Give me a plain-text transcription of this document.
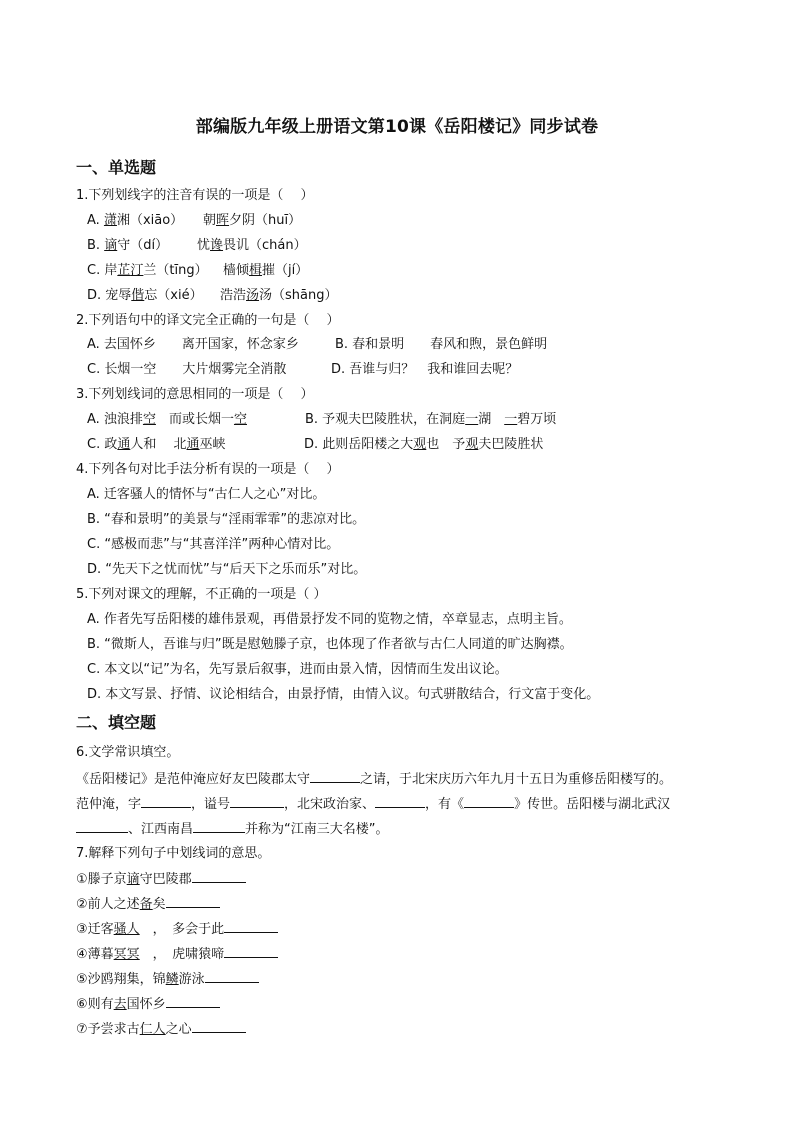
部编版九年级上册语文第10课《岳阳楼记》同步试卷
一、单选题
1.下列划线字的注音有误的一项是（　 ）
A. 潇湘（xiāo） 朝晖夕阴（huī）
B. 谪守（dí） 忧谗畏讥（chán）
C. 岸芷汀兰（tīng） 樯倾楫摧（jí）
D. 宠辱偕忘（xié） 浩浩汤汤（shāng）
2.下列语句中的译文完全正确的一句是（　 ）
A. 去国怀乡　　离开国家，怀念家乡	B. 春和景明　　春风和煦，景色鲜明
C. 长烟一空　　大片烟雾完全消散	D. 吾谁与归？　我和谁回去呢？
3.下列划线词的意思相同的一项是（　 ）
A. 浊浪排空　而或长烟一空	B. 予观夫巴陵胜状，在洞庭一湖　一碧万顷
C. 政通人和　 北通巫峡	D. 此则岳阳楼之大观也　予观夫巴陵胜状
4.下列各句对比手法分析有误的一项是（　 ）
A. 迁客骚人的情怀与“古仁人之心”对比。
B. “春和景明”的美景与“淫雨霏霏”的悲凉对比。
C. “感极而悲”与“其喜洋洋”两种心情对比。
D. “先天下之忧而忧”与“后天下之乐而乐”对比。
5.下列对课文的理解，不正确的一项是（ ）
A. 作者先写岳阳楼的雄伟景观，再借景抒发不同的览物之情，卒章显志，点明主旨。
B. “微斯人，吾谁与归”既是慰勉滕子京，也体现了作者欲与古仁人同道的旷达胸襟。
C. 本文以“记”为名，先写景后叙事，进而由景入情，因情而生发出议论。
D. 本文写景、抒情、议论相结合，由景抒情，由情入议。句式骈散结合，行文富于变化。
二、填空题
6.文学常识填空。
《岳阳楼记》是范仲淹应好友巴陵郡太守	之请，于北宋庆历六年九月十五日为重修岳阳楼写的。
范仲淹，字	，谥号	，北宋政治家、	，有《	》传世。岳阳楼与湖北武汉
、江西南昌	并称为“江南三大名楼”。
7.解释下列句子中划线词的意思。
①滕子京谪守巴陵郡
②前人之述备矣
③迁客骚人　，　多会于此
④薄暮冥冥　，　虎啸猿啼
⑤沙鸥翔集，锦鳞游泳
⑥则有去国怀乡
⑦予尝求古仁人之心
